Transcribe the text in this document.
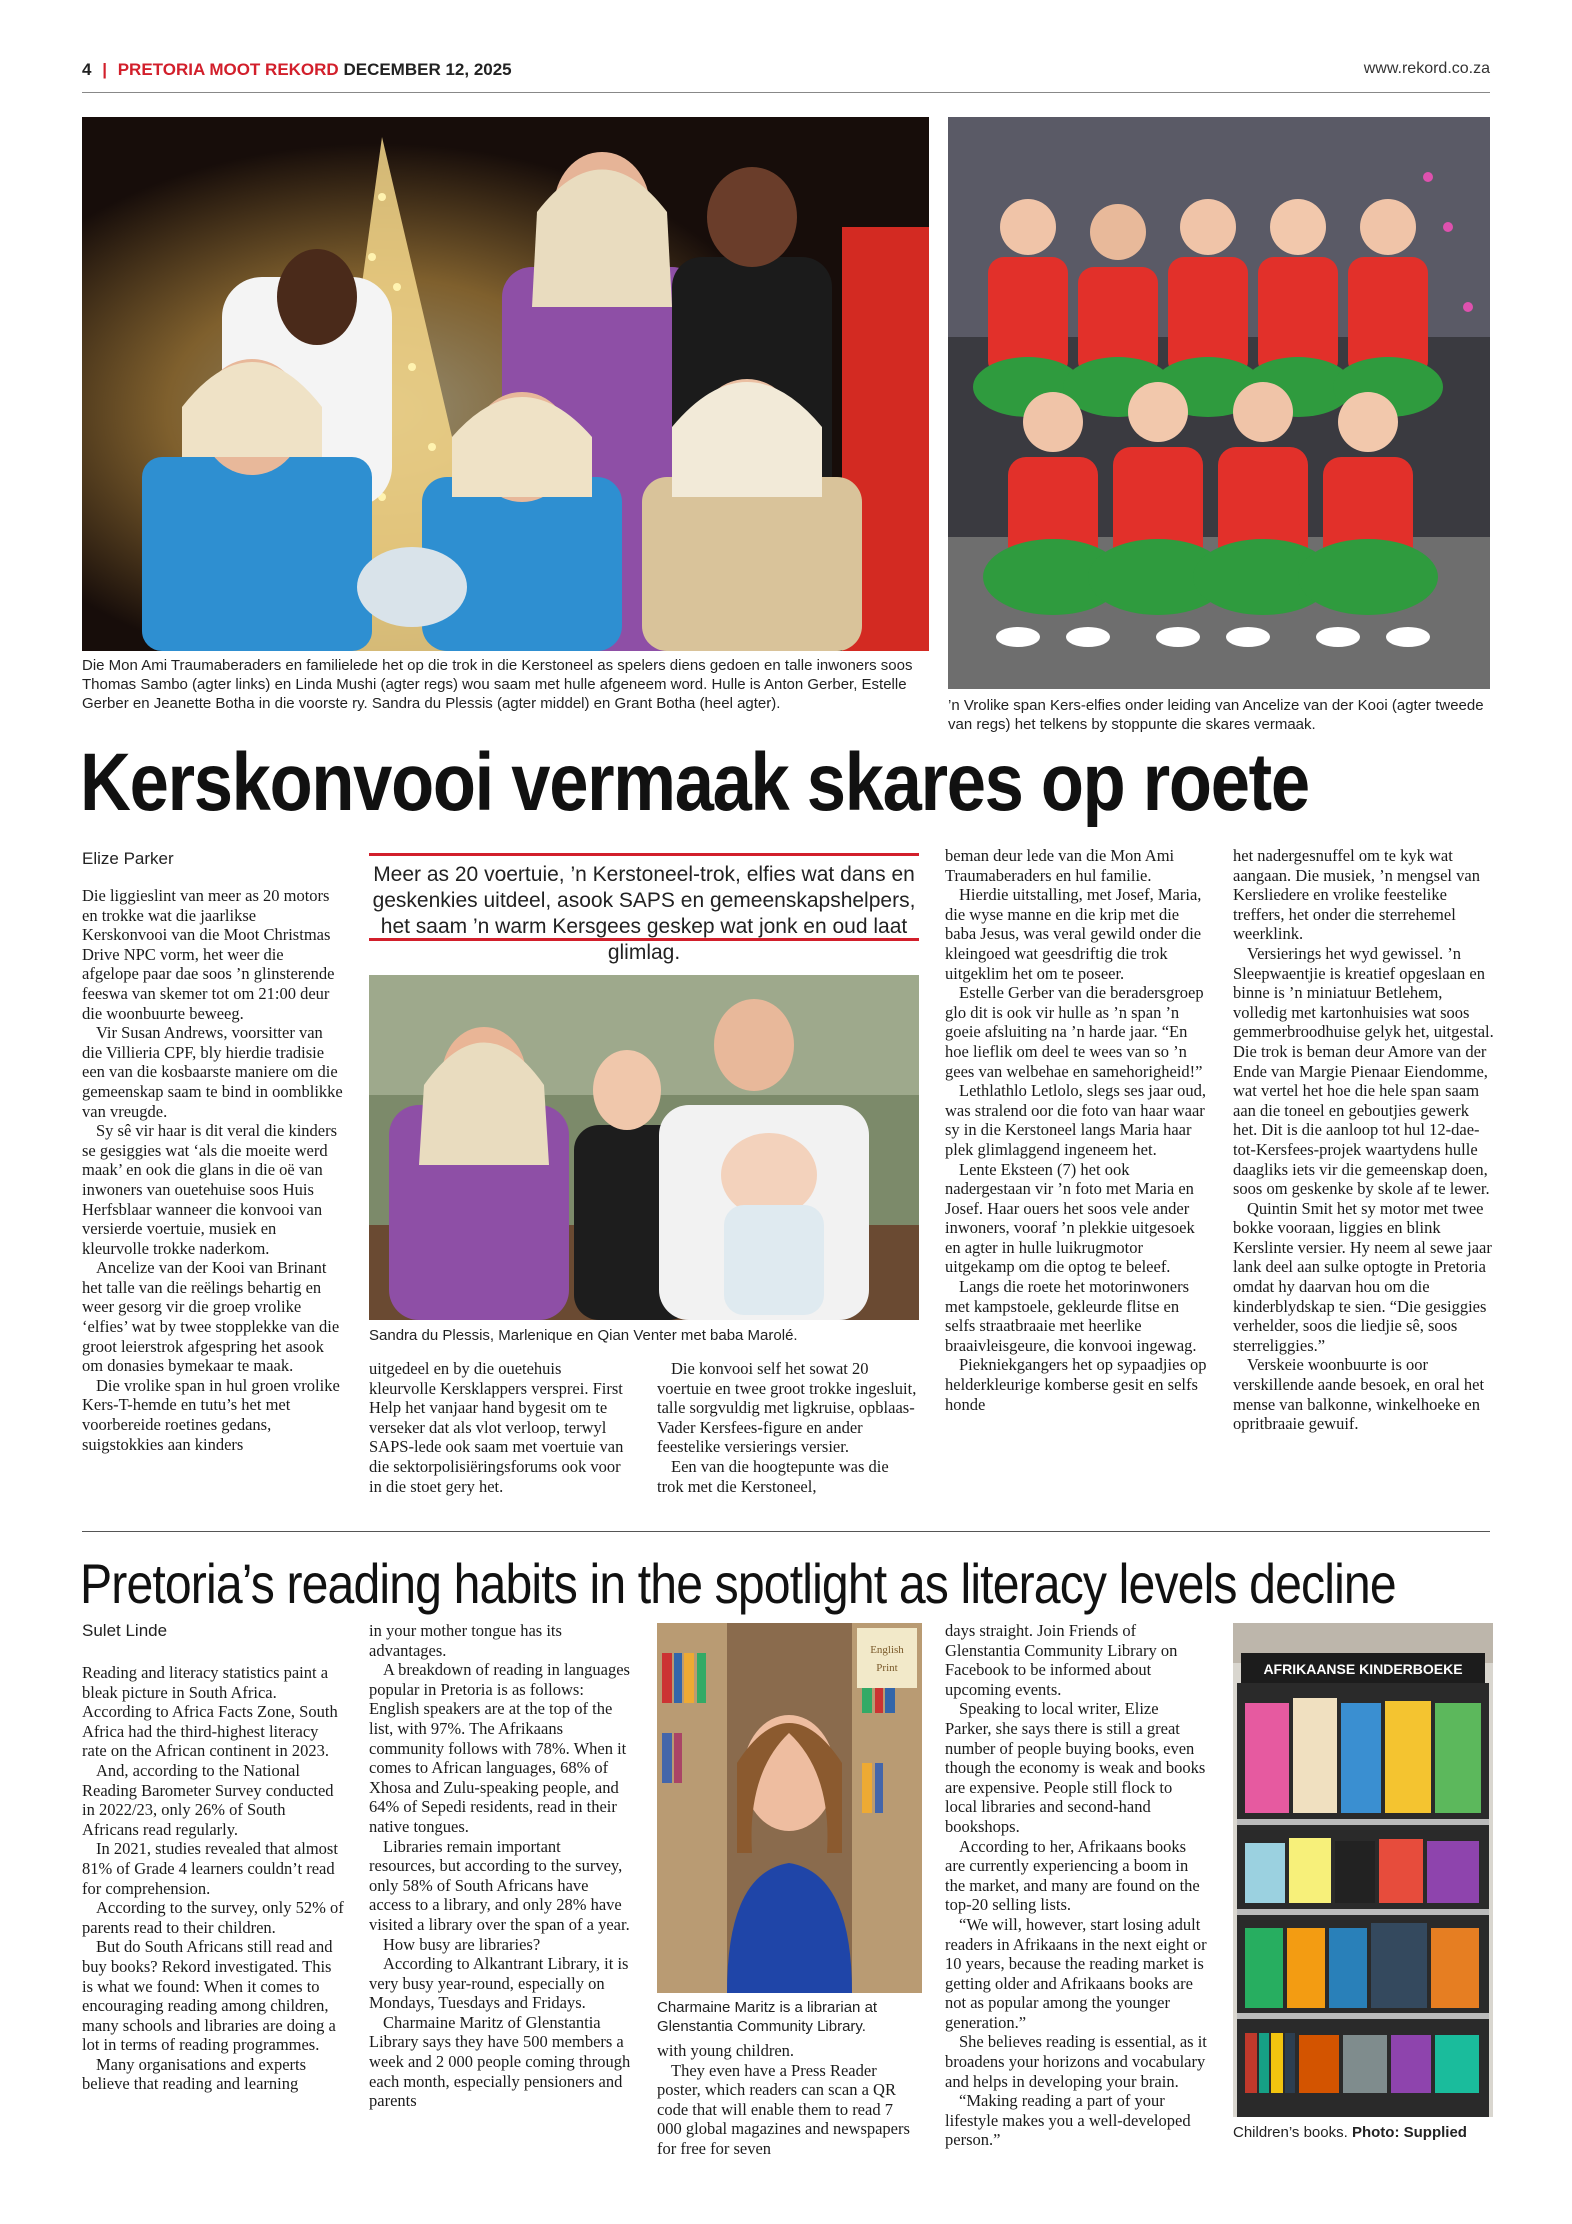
4 | PRETORIA MOOT REKORD DECEMBER 12, 2025	www.rekord.co.za
Die Mon Ami Traumaberaders en familielede het op die trok in die Kerstoneel as spelers diens gedoen en talle inwoners soos Thomas Sambo (agter links) en Linda Mushi (agter regs) wou saam met hulle afgeneem word. Hulle is Anton Gerber, Estelle Gerber en Jeanette Botha in die voorste ry. Sandra du Plessis (agter middel) en Grant Botha (heel agter).	’n Vrolike span Kers-elfies onder leiding van Ancelize van der Kooi (agter tweede van regs) het telkens by stoppunte die skares vermaak.
Kerskonvooi vermaak skares op roete
Elize Parker

Die liggieslint van meer as 20 motors en trokke wat die jaarlikse Kerskonvooi van die Moot Christmas Drive NPC vorm, het weer die afgelope paar dae soos ’n glinsterende feeswa van skemer tot om 21:00 deur die woonbuurte beweeg.

Vir Susan Andrews, voorsitter van die Villieria CPF, bly hierdie tradisie een van die kosbaarste maniere om die gemeenskap saam te bind in oomblikke van vreugde.

Sy sê vir haar is dit veral die kinders se gesiggies wat ‘als die moeite werd maak’ en ook die glans in die oë van inwoners van ouetehuise soos Huis Herfsblaar wanneer die konvooi van versierde voertuie, musiek en kleurvolle trokke naderkom.

Ancelize van der Kooi van Brinant het talle van die reëlings behartig en weer gesorg vir die groep vrolike ‘elfies’ wat by twee stopplekke van die groot leierstrok afgespring het asook om donasies bymekaar te maak.

Die vrolike span in hul groen vrolike Kers-T-hemde en tutu’s het met voorbereide roetines gedans, suigstokkies aan kinders

Meer as 20 voertuie, ’n Kerstoneel-trok, elfies wat dans en geskenkies uitdeel, asook SAPS en gemeenskapshelpers, het saam ’n warm Kersgees geskep wat jonk en oud laat glimlag.
Sandra du Plessis, Marlenique en Qian Venter met baba Marolé.

uitgedeel en by die ouetehuis kleurvolle Kersklappers versprei. First Help het vanjaar hand bygesit om te verseker dat als vlot verloop, terwyl SAPS-lede ook saam met voertuie van die sektorpolisiëringsforums ook voor in die stoet gery het.

Die konvooi self het sowat 20 voertuie en twee groot trokke ingesluit, talle sorgvuldig met ligkruise, opblaas-Vader Kersfees-figure en ander feestelike versierings versier.

Een van die hoogtepunte was die trok met die Kerstoneel,

beman deur lede van die Mon Ami Traumaberaders en hul familie.

Hierdie uitstalling, met Josef, Maria, die wyse manne en die krip met die baba Jesus, was veral gewild onder die kleingoed wat geesdriftig die trok uitgeklim het om te poseer.

Estelle Gerber van die beradersgroep glo dit is ook vir hulle as ’n span ’n goeie afsluiting na ’n harde jaar. “En hoe lieflik om deel te wees van so ’n gees van welbehae en samehorigheid!”

Lethlathlo Letlolo, slegs ses jaar oud, was stralend oor die foto van haar waar sy in die Kerstoneel langs Maria haar plek glimlaggend ingeneem het.

Lente Eksteen (7) het ook nadergestaan vir ’n foto met Maria en Josef. Haar ouers het soos vele ander inwoners, vooraf ’n plekkie uitgesoek en agter in hulle luikrugmotor uitgekamp om die optog te beleef.

Langs die roete het motorinwoners met kampstoele, gekleurde flitse en selfs straatbraaie met heerlike braaivleisgeure, die konvooi ingewag.

Piekniekgangers het op sypaadjies op helderkleurige komberse gesit en selfs honde

het nadergesnuffel om te kyk wat aangaan. Die musiek, ’n mengsel van Kersliedere en vrolike feestelike treffers, het onder die sterrehemel weerklink.

Versierings het wyd gewissel. ’n Sleepwaentjie is kreatief opgeslaan en binne is ’n miniatuur Betlehem, volledig met kartonhuisies wat soos gemmerbroodhuise gelyk het, uitgestal. Die trok is beman deur Amore van der Ende van Margie Pienaar Eiendomme, wat vertel het hoe die hele span saam aan die toneel en geboutjies gewerk het. Dit is die aanloop tot hul 12-dae-tot-Kersfees-projek waartydens hulle daagliks iets vir die gemeenskap doen, soos om geskenke by skole af te lewer.

Quintin Smit het sy motor met twee bokke vooraan, liggies en blink Kerslinte versier. Hy neem al sewe jaar lank deel aan sulke optogte in Pretoria omdat hy daarvan hou om die kinderblydskap te sien. “Die gesiggies verhelder, soos die liedjie sê, soos sterreliggies.”

Verskeie woonbuurte is oor verskillende aande besoek, en oral het mense van balkonne, winkelhoeke en opritbraaie gewuif.

Pretoria’s reading habits in the spotlight as literacy levels decline
Sulet Linde

Reading and literacy statistics paint a bleak picture in South Africa. According to Africa Facts Zone, South Africa had the third-highest literacy rate on the African continent in 2023.

And, according to the National Reading Barometer Survey conducted in 2022/23, only 26% of South Africans read regularly.

In 2021, studies revealed that almost 81% of Grade 4 learners couldn’t read for comprehension.

According to the survey, only 52% of parents read to their children.

But do South Africans still read and buy books? Rekord investigated. This is what we found: When it comes to encouraging reading among children, many schools and libraries are doing a lot in terms of reading programmes.

Many organisations and experts believe that reading and learning

in your mother tongue has its advantages.

A breakdown of reading in languages popular in Pretoria is as follows: English speakers are at the top of the list, with 97%. The Afrikaans community follows with 78%. When it comes to African languages, 68% of Xhosa and Zulu-speaking people, and 64% of Sepedi residents, read in their native tongues.

Libraries remain important resources, but according to the survey, only 58% of South Africans have access to a library, and only 28% have visited a library over the span of a year.

How busy are libraries?

According to Alkantrant Library, it is very busy year-round, especially on Mondays, Tuesdays and Fridays.

Charmaine Maritz of Glenstantia Library says they have 500 members a week and 2 000 people coming through each month, especially pensioners and parents

English
Print
Charmaine Maritz is a librarian at Glenstantia Community Library.

with young children.

They even have a Press Reader poster, which readers can scan a QR code that will enable them to read 7 000 global magazines and newspapers for free for seven

days straight. Join Friends of Glenstantia Community Library on Facebook to be informed about upcoming events.

Speaking to local writer, Elize Parker, she says there is still a great number of people buying books, even though the economy is weak and books are expensive. People still flock to local libraries and second-hand bookshops.

According to her, Afrikaans books are currently experiencing a boom in the market, and many are found on the top-20 selling lists.

“We will, however, start losing adult readers in Afrikaans in the next eight or 10 years, because the reading market is getting older and Afrikaans books are not as popular among the younger generation.”

She believes reading is essential, as it broadens your horizons and vocabulary and helps in developing your brain.

“Making reading a part of your lifestyle makes you a well-developed person.”

AFRIKAANSE KINDERBOEKE
Children’s books. Photo: Supplied
